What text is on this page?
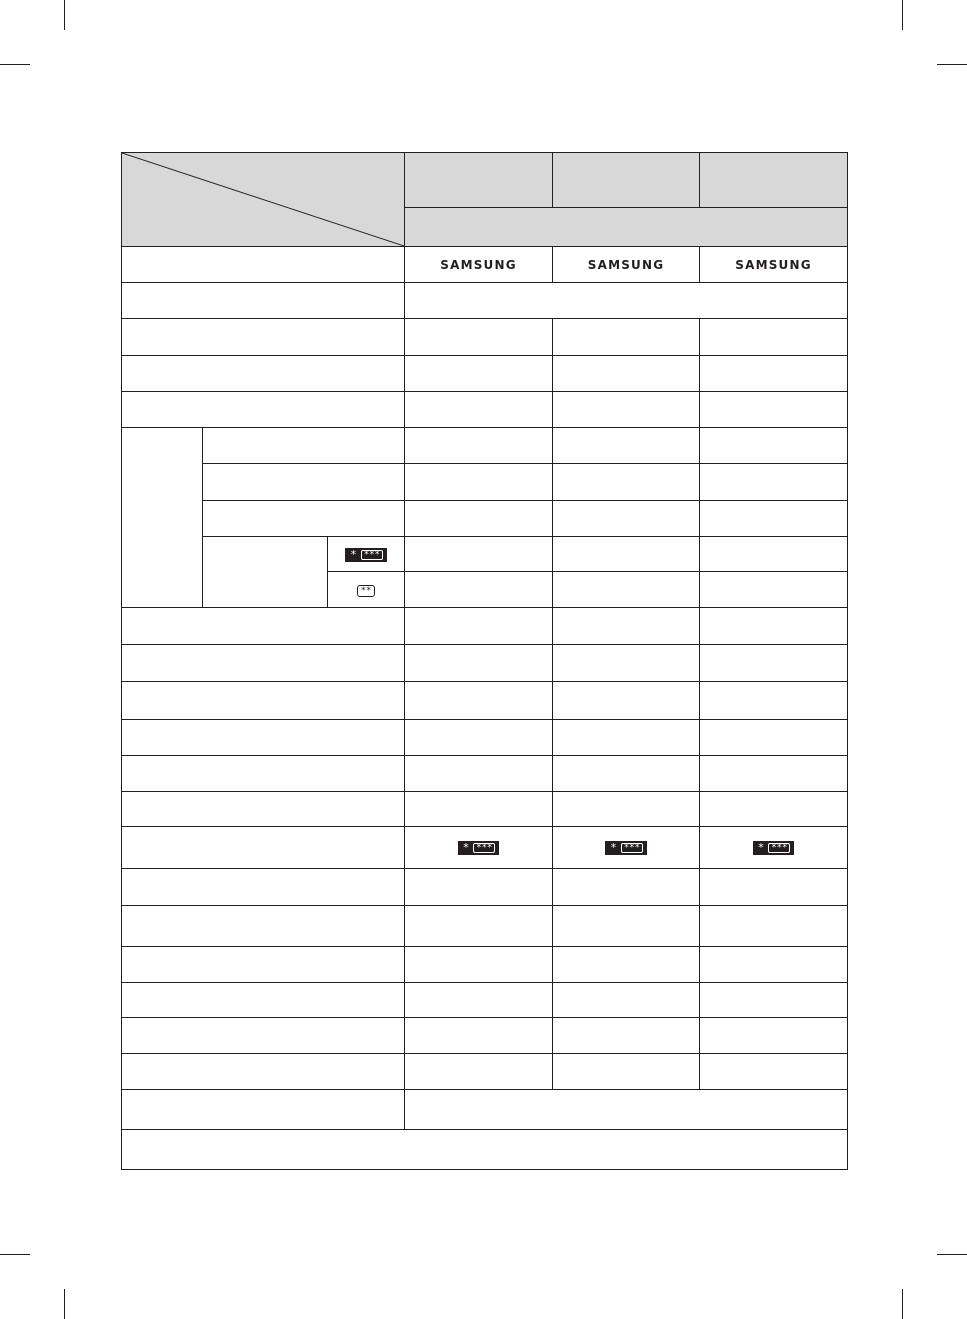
			SAMSUNG	SAMSUNG	SAMSUNG

		* ***			

		**			

			* ***	* ***	* ***
